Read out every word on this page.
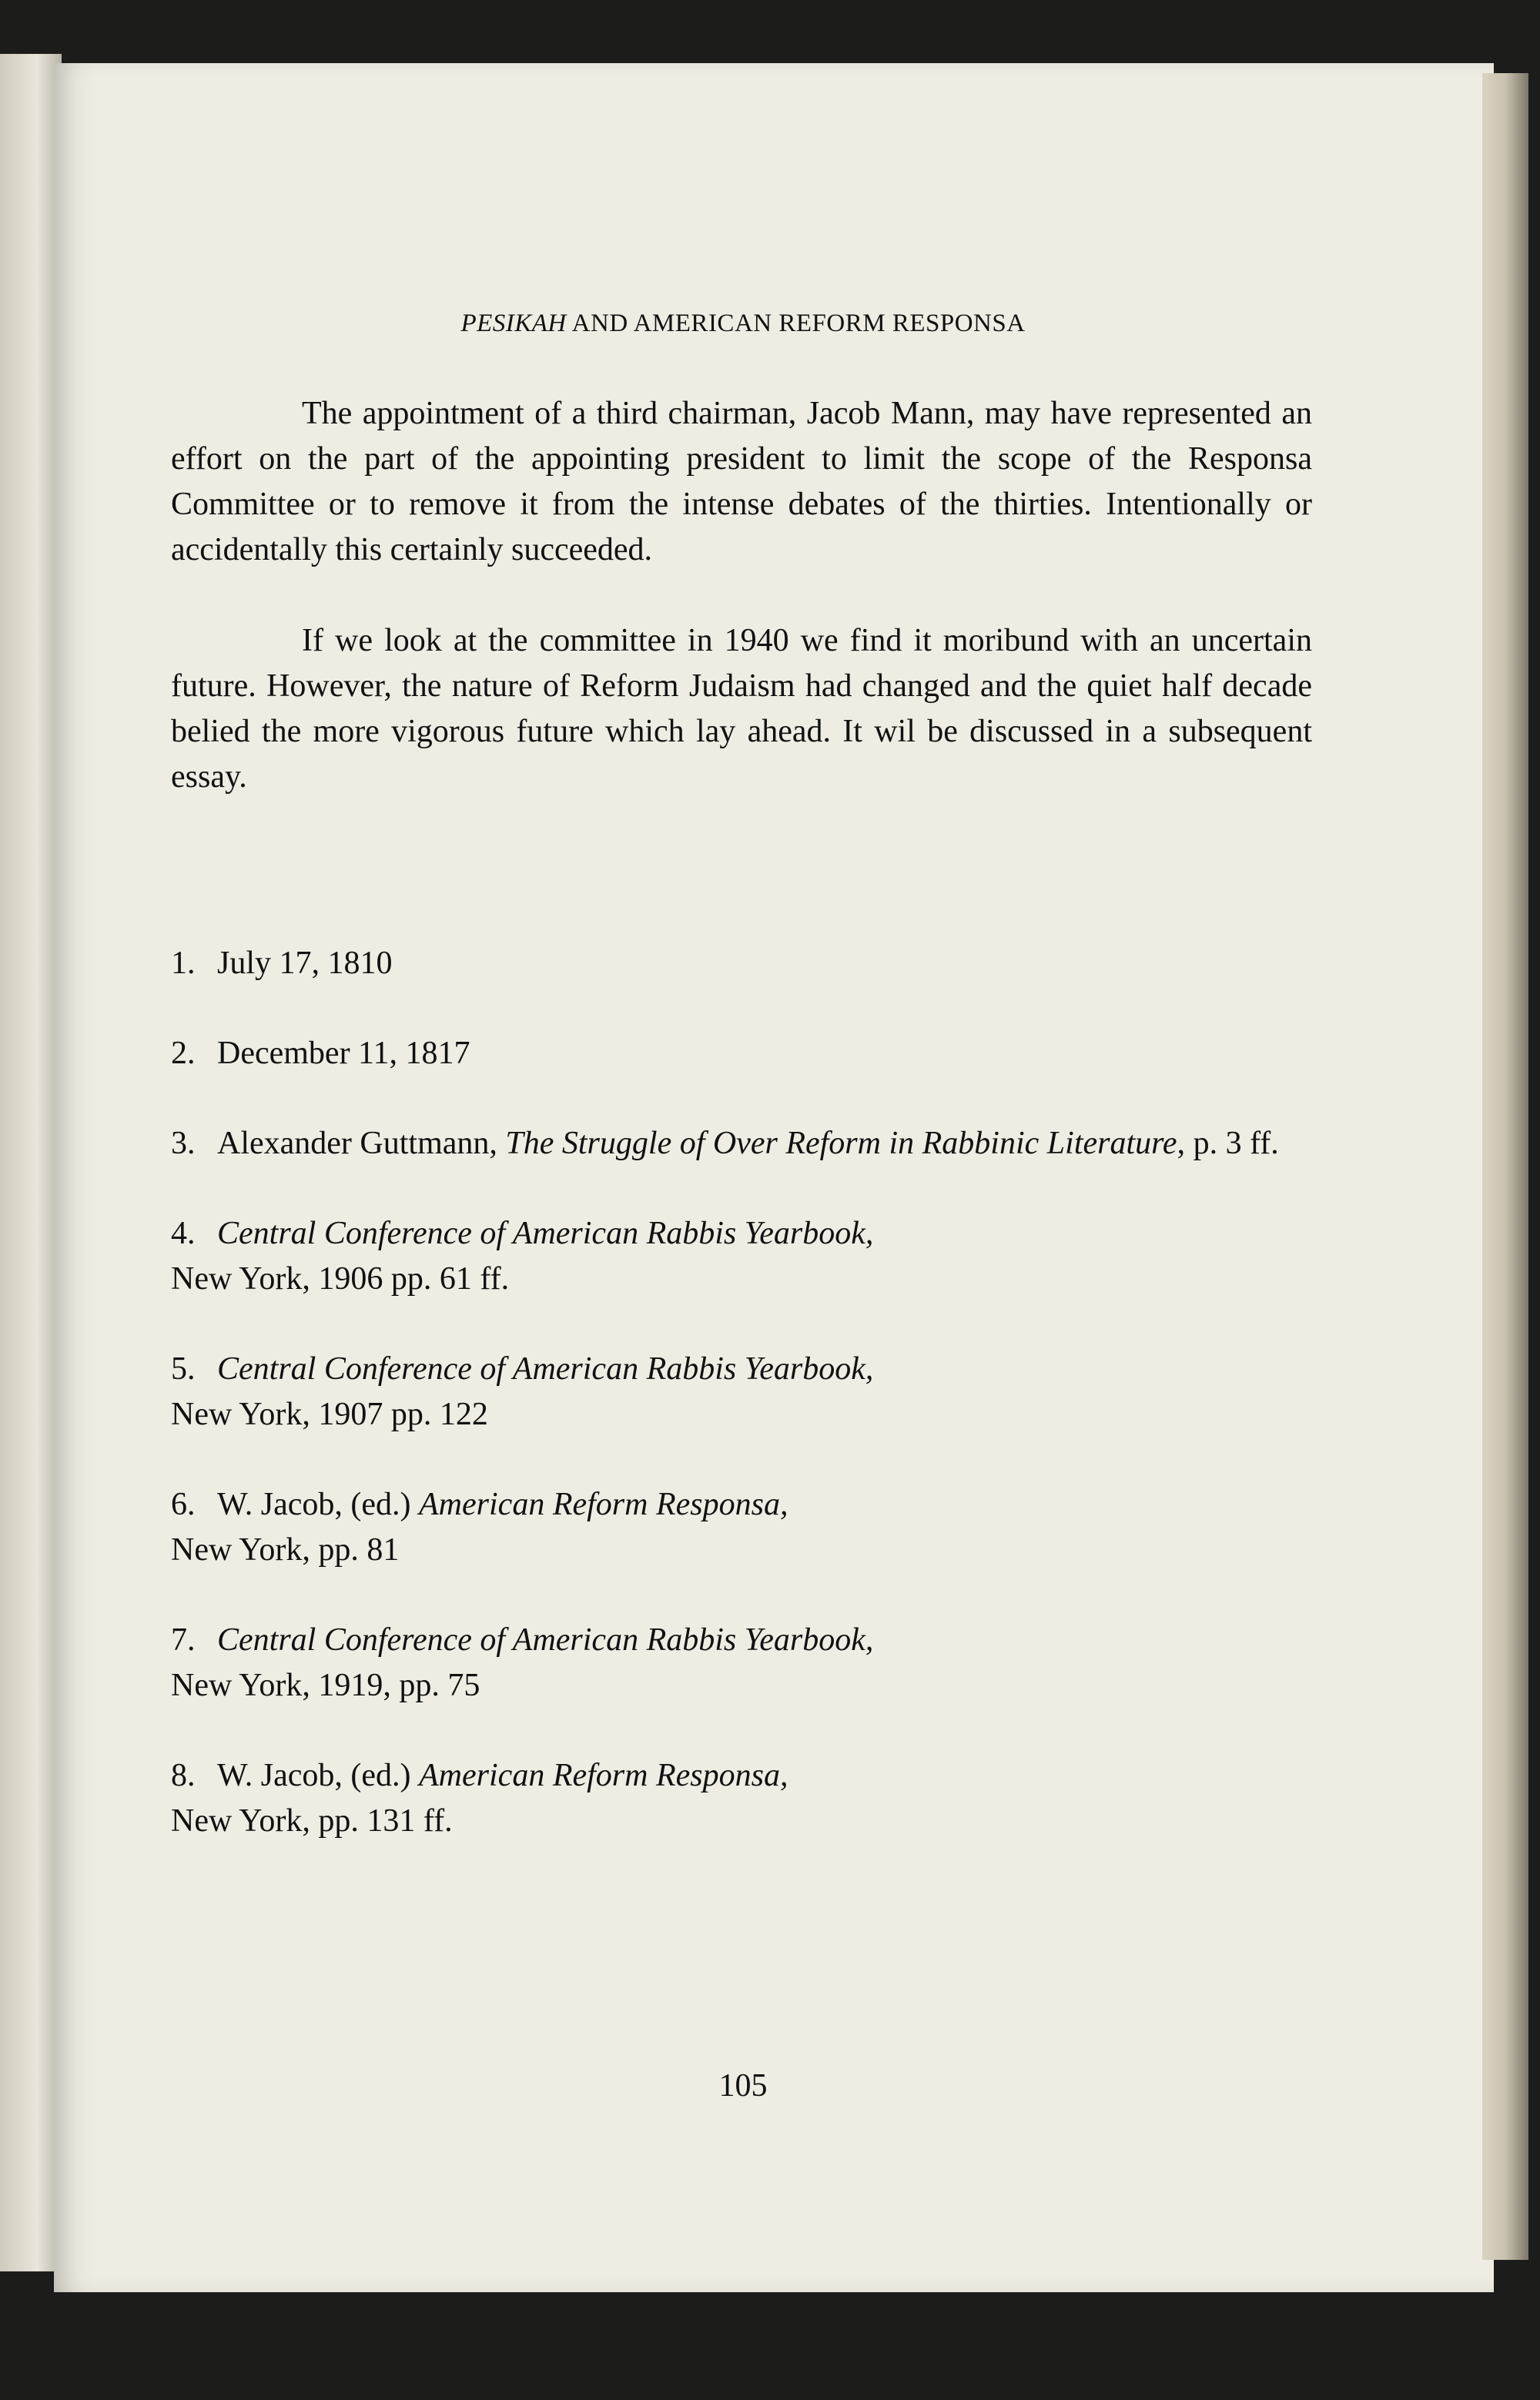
PESIKAH AND AMERICAN REFORM RESPONSA

The appointment of a third chairman, Jacob Mann, may have represented an effort on the part of the appointing president to limit the scope of the Responsa Committee or to remove it from the intense debates of the thirties. Intentionally or accidentally this certainly succeeded.

If we look at the committee in 1940 we find it moribund with an uncertain future. However, the nature of Reform Judaism had changed and the quiet half decade belied the more vigorous future which lay ahead. It wil be discussed in a subsequent essay.

1. July 17, 1810
2. December 11, 1817
3. Alexander Guttmann, The Struggle of Over Reform in Rabbinic Literature, p. 3 ff.
4. Central Conference of American Rabbis Yearbook,
New York, 1906 pp. 61 ff.
5. Central Conference of American Rabbis Yearbook,
New York, 1907 pp. 122
6. W. Jacob, (ed.) American Reform Responsa,
New York, pp. 81
7. Central Conference of American Rabbis Yearbook,
New York, 1919, pp. 75
8. W. Jacob, (ed.) American Reform Responsa,
New York, pp. 131 ff.
105
